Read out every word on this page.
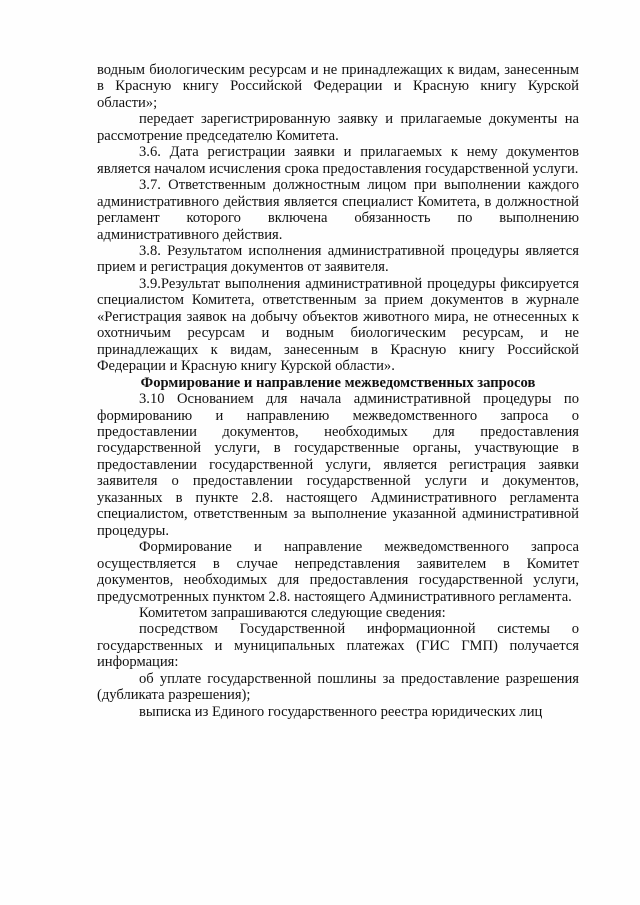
водным биологическим ресурсам и не принадлежащих к видам, занесенным в Красную книгу Российской Федерации и Красную книгу Курской области»;

передает зарегистрированную заявку и прилагаемые документы на рассмотрение председателю Комитета.

3.6. Дата регистрации заявки и прилагаемых к нему документов является началом исчисления срока предоставления государственной услуги.

3.7. Ответственным должностным лицом при выполнении каждого административного действия является специалист Комитета, в должностной регламент которого включена обязанность по выполнению административного действия.

3.8. Результатом исполнения административной процедуры является прием и регистрация документов от заявителя.

3.9.Результат выполнения административной процедуры фиксируется специалистом Комитета, ответственным за прием документов в журнале «Регистрация заявок на добычу объектов животного мира, не отнесенных к охотничьим ресурсам и водным биологическим ресурсам, и не принадлежащих к видам, занесенным в Красную книгу Российской Федерации и Красную книгу Курской области».

Формирование и направление межведомственных запросов

3.10 Основанием для начала административной процедуры по формированию и направлению межведомственного запроса о предоставлении документов, необходимых для предоставления государственной услуги, в государственные органы, участвующие в предоставлении государственной услуги, является регистрация заявки заявителя о предоставлении государственной услуги и документов, указанных в пункте 2.8. настоящего Административного регламента специалистом, ответственным за выполнение указанной административной процедуры.

Формирование и направление межведомственного запроса осуществляется в случае непредставления заявителем в Комитет документов, необходимых для предоставления государственной услуги, предусмотренных пунктом 2.8. настоящего Административного регламента.

Комитетом запрашиваются следующие сведения:

посредством Государственной информационной системы о государственных и муниципальных платежах (ГИС ГМП) получается информация:

об уплате государственной пошлины за предоставление разрешения (дубликата разрешения);

выписка из Единого государственного реестра юридических лиц
